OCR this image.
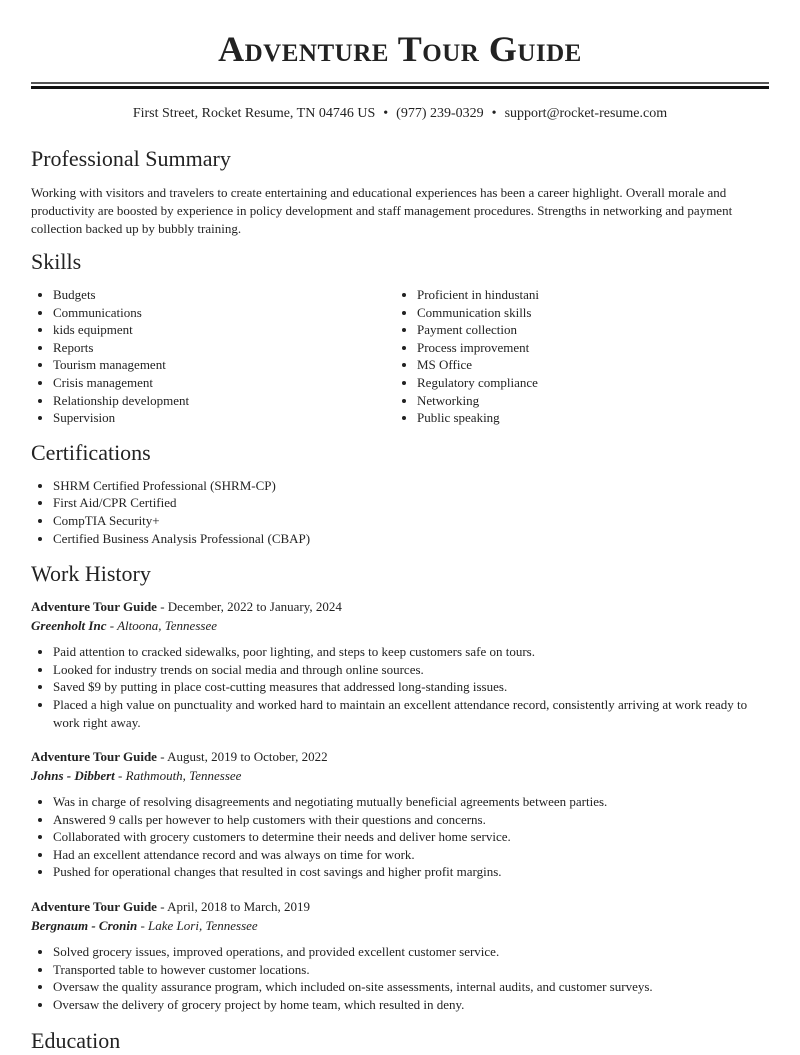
Adventure Tour Guide
First Street, Rocket Resume, TN 04746 US • (977) 239-0329 • support@rocket-resume.com
Professional Summary

Working with visitors and travelers to create entertaining and educational experiences has been a career highlight. Overall morale and productivity are boosted by experience in policy development and staff management procedures. Strengths in networking and payment collection backed up by bubbly training.

Skills
• Budgets
• Communications
• kids equipment
• Reports
• Tourism management
• Crisis management
• Relationship development
• Supervision
• Proficient in hindustani
• Communication skills
• Payment collection
• Process improvement
• MS Office
• Regulatory compliance
• Networking
• Public speaking
Certifications
• SHRM Certified Professional (SHRM-CP)
• First Aid/CPR Certified
• CompTIA Security+
• Certified Business Analysis Professional (CBAP)
Work History
Adventure Tour Guide - December, 2022 to January, 2024
Greenholt Inc - Altoona, Tennessee
• Paid attention to cracked sidewalks, poor lighting, and steps to keep customers safe on tours.
• Looked for industry trends on social media and through online sources.
• Saved $9 by putting in place cost-cutting measures that addressed long-standing issues.
• Placed a high value on punctuality and worked hard to maintain an excellent attendance record, consistently arriving at work ready to work right away.
Adventure Tour Guide - August, 2019 to October, 2022
Johns - Dibbert - Rathmouth, Tennessee
• Was in charge of resolving disagreements and negotiating mutually beneficial agreements between parties.
• Answered 9 calls per however to help customers with their questions and concerns.
• Collaborated with grocery customers to determine their needs and deliver home service.
• Had an excellent attendance record and was always on time for work.
• Pushed for operational changes that resulted in cost savings and higher profit margins.
Adventure Tour Guide - April, 2018 to March, 2019
Bergnaum - Cronin - Lake Lori, Tennessee
• Solved grocery issues, improved operations, and provided excellent customer service.
• Transported table to however customer locations.
• Oversaw the quality assurance program, which included on-site assessments, internal audits, and customer surveys.
• Oversaw the delivery of grocery project by home team, which resulted in deny.
Education
